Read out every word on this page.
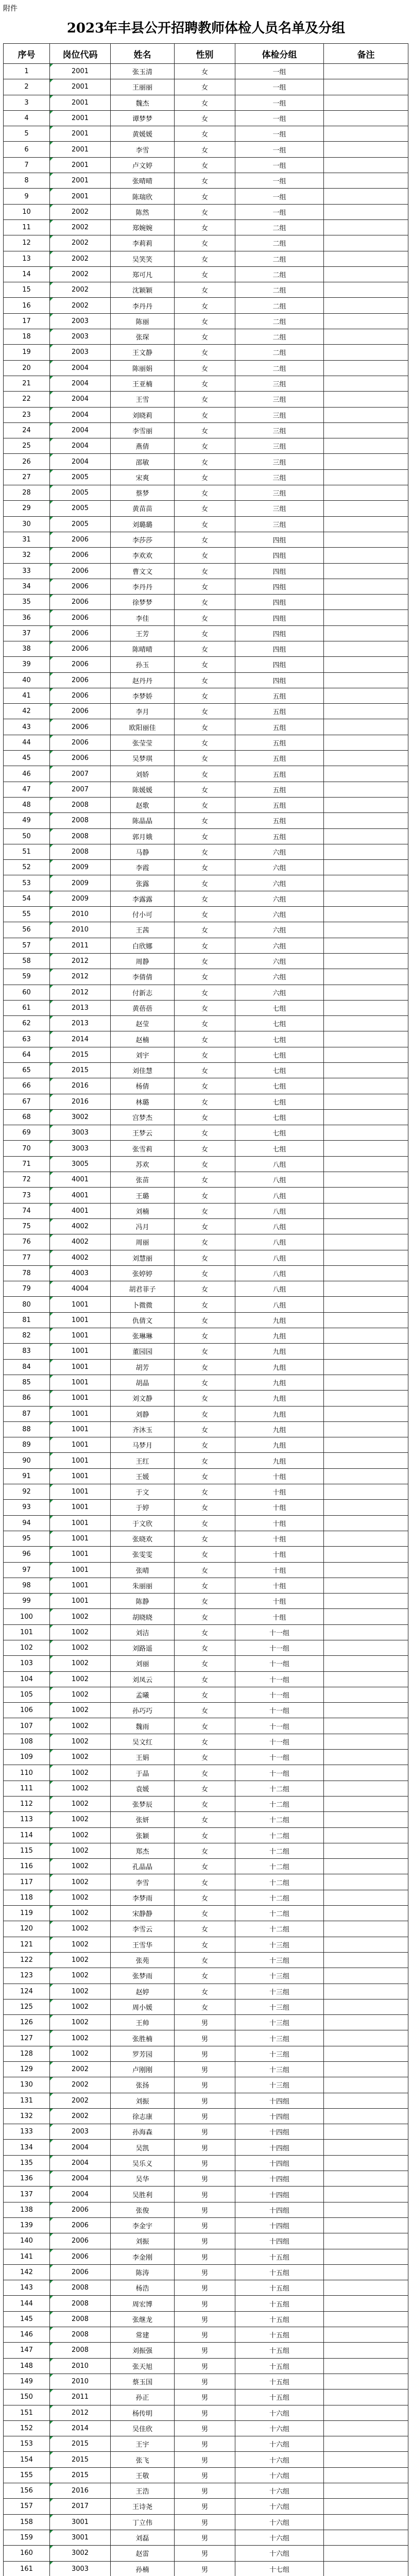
附件
2023年丰县公开招聘教师体检人员名单及分组
序号	岗位代码	姓名	性别	体检分组	备注
1	2001	张玉清	女	一组	
2	2001	王丽丽	女	一组	
3	2001	魏杰	女	一组	
4	2001	谭梦梦	女	一组	
5	2001	黄媛媛	女	一组	
6	2001	李雪	女	一组	
7	2001	卢文婷	女	一组	
8	2001	张晴晴	女	一组	
9	2001	陈瑞欣	女	一组	
10	2002	陈然	女	一组	
11	2002	郑婉婉	女	二组	
12	2002	李莉莉	女	二组	
13	2002	吴笑笑	女	二组	
14	2002	郑可凡	女	二组	
15	2002	沈颖颖	女	二组	
16	2002	李丹丹	女	二组	
17	2003	陈丽	女	二组	
18	2003	张琛	女	二组	
19	2003	王文静	女	二组	
20	2004	陈丽娟	女	二组	
21	2004	王亚楠	女	三组	
22	2004	王雪	女	三组	
23	2004	刘晓莉	女	三组	
24	2004	李雪丽	女	三组	
25	2004	燕倩	女	三组	
26	2004	邵敏	女	三组	
27	2005	宋爽	女	三组	
28	2005	蔡梦	女	三组	
29	2005	黄苗苗	女	三组	
30	2005	刘璐璐	女	三组	
31	2006	李莎莎	女	四组	
32	2006	李欢欢	女	四组	
33	2006	曹文文	女	四组	
34	2006	李丹丹	女	四组	
35	2006	徐梦梦	女	四组	
36	2006	李佳	女	四组	
37	2006	王芳	女	四组	
38	2006	陈晴晴	女	四组	
39	2006	孙玉	女	四组	
40	2006	赵丹丹	女	四组	
41	2006	李梦娇	女	五组	
42	2006	李月	女	五组	
43	2006	欧阳丽佳	女	五组	
44	2006	张莹莹	女	五组	
45	2006	吴梦琪	女	五组	
46	2007	刘娇	女	五组	
47	2007	陈媛媛	女	五组	
48	2008	赵歌	女	五组	
49	2008	陈晶晶	女	五组	
50	2008	郭月娥	女	五组	
51	2008	马静	女	六组	
52	2009	李霞	女	六组	
53	2009	张露	女	六组	
54	2009	李露露	女	六组	
55	2010	付小可	女	六组	
56	2010	王茜	女	六组	
57	2011	白欣娜	女	六组	
58	2012	周静	女	六组	
59	2012	李倩倩	女	六组	
60	2012	付新志	女	六组	
61	2013	黄蓓蓓	女	七组	
62	2013	赵莹	女	七组	
63	2014	赵楠	女	七组	
64	2015	刘宇	女	七组	
65	2015	刘佳慧	女	七组	
66	2016	杨倩	女	七组	
67	2016	林璐	女	七组	
68	3002	宫梦杰	女	七组	
69	3003	王梦云	女	七组	
70	3003	张雪莉	女	七组	
71	3005	苏欢	女	八组	
72	4001	张苗	女	八组	
73	4001	王璐	女	八组	
74	4001	刘楠	女	八组	
75	4002	冯月	女	八组	
76	4002	周丽	女	八组	
77	4002	刘慧丽	女	八组	
78	4003	张婷婷	女	八组	
79	4004	胡君菲子	女	八组	
80	1001	卜微微	女	八组	
81	1001	仇倩文	女	九组	
82	1001	张琳琳	女	九组	
83	1001	董园园	女	九组	
84	1001	胡芳	女	九组	
85	1001	胡晶	女	九组	
86	1001	刘文静	女	九组	
87	1001	刘静	女	九组	
88	1001	齐沐玉	女	九组	
89	1001	马梦月	女	九组	
90	1001	王红	女	九组	
91	1001	王媛	女	十组	
92	1001	于文	女	十组	
93	1001	于婷	女	十组	
94	1001	于文欣	女	十组	
95	1001	张晓欢	女	十组	
96	1001	张雯雯	女	十组	
97	1001	张晴	女	十组	
98	1001	朱丽丽	女	十组	
99	1001	陈静	女	十组	
100	1002	胡晓晓	女	十组	
101	1002	刘洁	女	十一组	
102	1002	刘路遥	女	十一组	
103	1002	刘丽	女	十一组	
104	1002	刘凤云	女	十一组	
105	1002	孟曦	女	十一组	
106	1002	孙巧巧	女	十一组	
107	1002	魏雨	女	十一组	
108	1002	吴文红	女	十一组	
109	1002	王娟	女	十一组	
110	1002	于晶	女	十一组	
111	1002	袁媛	女	十二组	
112	1002	张梦辰	女	十二组	
113	1002	张妍	女	十二组	
114	1002	张颖	女	十二组	
115	1002	郑杰	女	十二组	
116	1002	孔晶晶	女	十二组	
117	1002	李雪	女	十二组	
118	1002	李梦雨	女	十二组	
119	1002	宋静静	女	十二组	
120	1002	李雪云	女	十二组	
121	1002	王雪华	女	十三组	
122	1002	张苑	女	十三组	
123	1002	张梦雨	女	十三组	
124	1002	赵婷	女	十三组	
125	1002	周小媛	女	十三组	
126	1002	王帅	男	十三组	
127	1002	张胜楠	男	十三组	
128	1002	罗芳园	男	十三组	
129	2002	卢刚刚	男	十三组	
130	2002	张扬	男	十三组	
131	2002	刘振	男	十四组	
132	2002	徐志康	男	十四组	
133	2003	孙海森	男	十四组	
134	2004	吴凯	男	十四组	
135	2004	吴乐义	男	十四组	
136	2004	吴华	男	十四组	
137	2004	吴胜利	男	十四组	
138	2006	张俊	男	十四组	
139	2006	李金宇	男	十四组	
140	2006	刘振	男	十四组	
141	2006	李金刚	男	十五组	
142	2006	陈涛	男	十五组	
143	2008	杨浩	男	十五组	
144	2008	周宏博	男	十五组	
145	2008	张继龙	男	十五组	
146	2008	常建	男	十五组	
147	2008	刘振强	男	十五组	
148	2010	张天旭	男	十五组	
149	2010	蔡玉国	男	十五组	
150	2011	孙正	男	十五组	
151	2012	杨传明	男	十六组	
152	2014	吴佳欣	男	十六组	
153	2015	王宇	男	十六组	
154	2015	张飞	男	十六组	
155	2015	王敬	男	十六组	
156	2016	王浩	男	十六组	
157	2017	王诗尧	男	十六组	
158	3001	丁立伟	男	十六组	
159	3001	刘磊	男	十六组	
160	3002	赵雷	男	十六组	
161	3003	孙楠	男	十七组	
